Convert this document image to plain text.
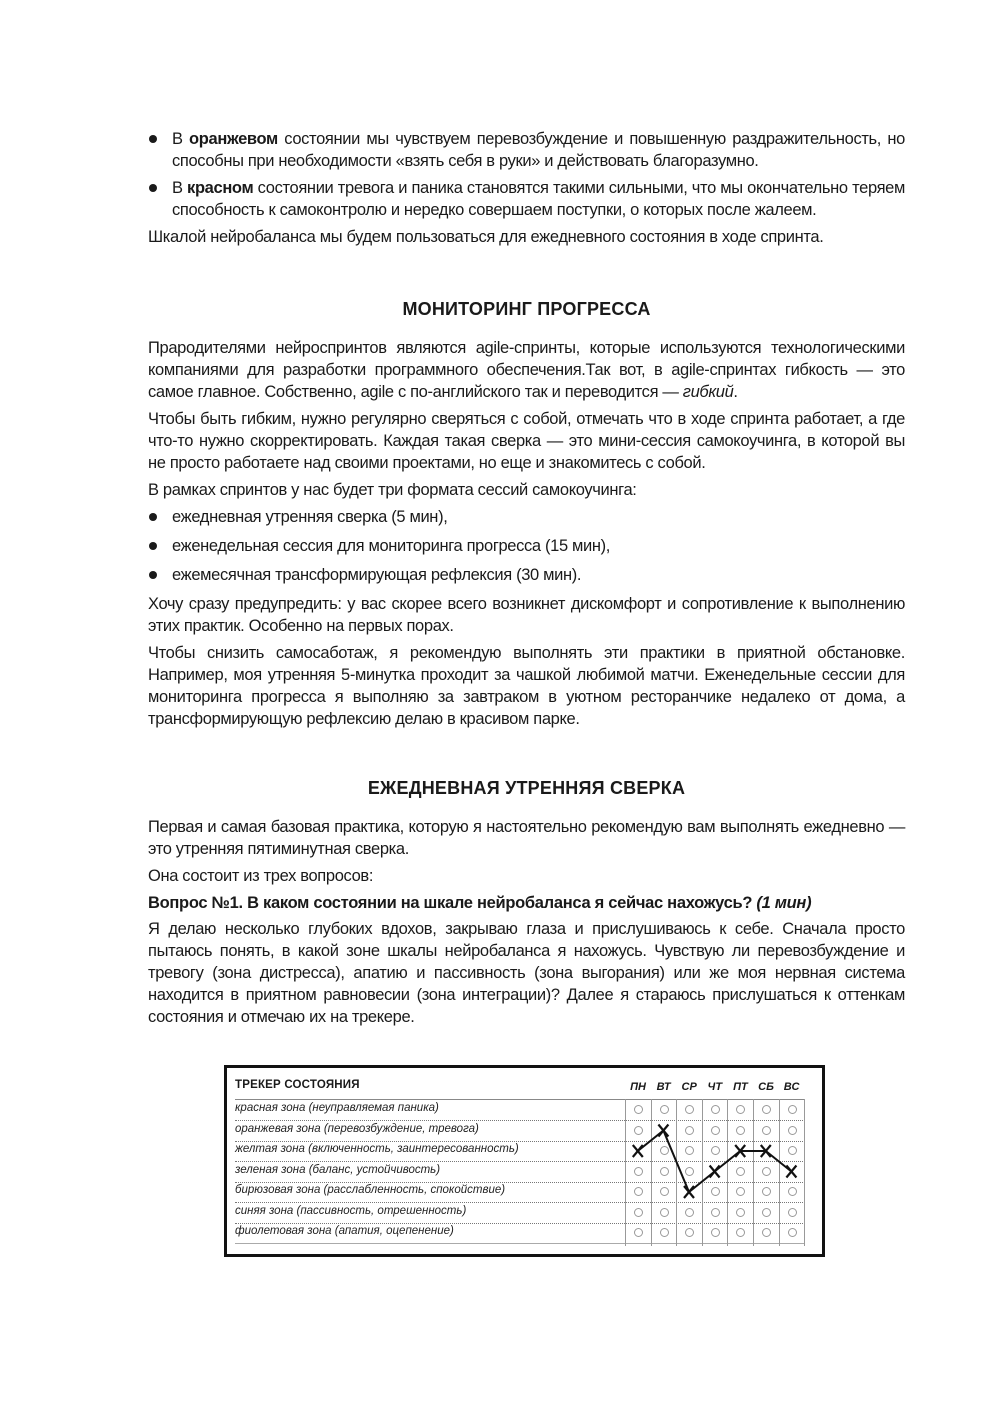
В оранжевом состоянии мы чувствуем перевозбуждение и повышенную раздражительность, но способны при необходимости «взять себя в руки» и действовать благоразумно.
В красном состоянии тревога и паника становятся такими сильными, что мы окончательно теряем способность к самоконтролю и нередко совершаем поступки, о которых после жалеем.

Шкалой нейробаланса мы будем пользоваться для ежедневного состояния в ходе спринта.

МОНИТОРИНГ ПРОГРЕССА

Прародителями нейроспринтов являются agile-спринты, которые используются технологическими компаниями для разработки программного обеспечения.Так вот, в agile-спринтах гибкость — это самое главное. Собственно, agile с по-английского так и переводится — гибкий.

Чтобы быть гибким, нужно регулярно сверяться с собой, отмечать что в ходе спринта работает, а где что-то нужно скорректировать. Каждая такая сверка — это мини-сессия самокоучинга, в которой вы не просто работаете над своими проектами, но еще и знакомитесь с собой.

В рамках спринтов у нас будет три формата сессий самокоучинга:

ежедневная утренняя сверка (5 мин),
еженедельная сессия для мониторинга прогресса (15 мин),
ежемесячная трансформирующая рефлексия (30 мин).

Хочу сразу предупредить: у вас скорее всего возникнет дискомфорт и сопротивление к выполнению этих практик. Особенно на первых порах.

Чтобы снизить самосаботаж, я рекомендую выполнять эти практики в приятной обстановке. Например, моя утренняя 5-минутка проходит за чашкой любимой матчи. Еженедельные сессии для мониторинга прогресса я выполняю за завтраком в уютном ресторанчике недалеко от дома, а трансформирующую рефлексию делаю в красивом парке.

ЕЖЕДНЕВНАЯ УТРЕННЯЯ СВЕРКА

Первая и самая базовая практика, которую я настоятельно рекомендую вам выполнять ежедневно — это утренняя пятиминутная сверка.

Она состоит из трех вопросов:

Вопрос №1. В каком состоянии на шкале нейробаланса я сейчас нахожусь? (1 мин)

Я делаю несколько глубоких вдохов, закрываю глаза и прислушиваюсь к себе. Сначала просто пытаюсь понять, в какой зоне шкалы нейробаланса я нахожусь. Чувствую ли перевозбуждение и тревогу (зона дистресса), апатию и пассивность (зона выгорания) или же моя нервная система находится в приятном равновесии (зона интеграции)? Далее я стараюсь прислушаться к оттенкам состояния и отмечаю их на трекере.

ТРЕКЕР СОСТОЯНИЯ	ПН ВТ СР ЧТ	ПТ СБ ВС
красная зона (неуправляемая паника)
оранжевая зона (перевозбуждение, тревога)
желтая зона (включенность, заинтересованность)
зеленая зона (баланс, устойчивость)
бирюзовая зона (расслабленность, спокойствие)
синяя зона (пассивность, отрешенность)
фиолетовая зона (апатия, оцепенение)
